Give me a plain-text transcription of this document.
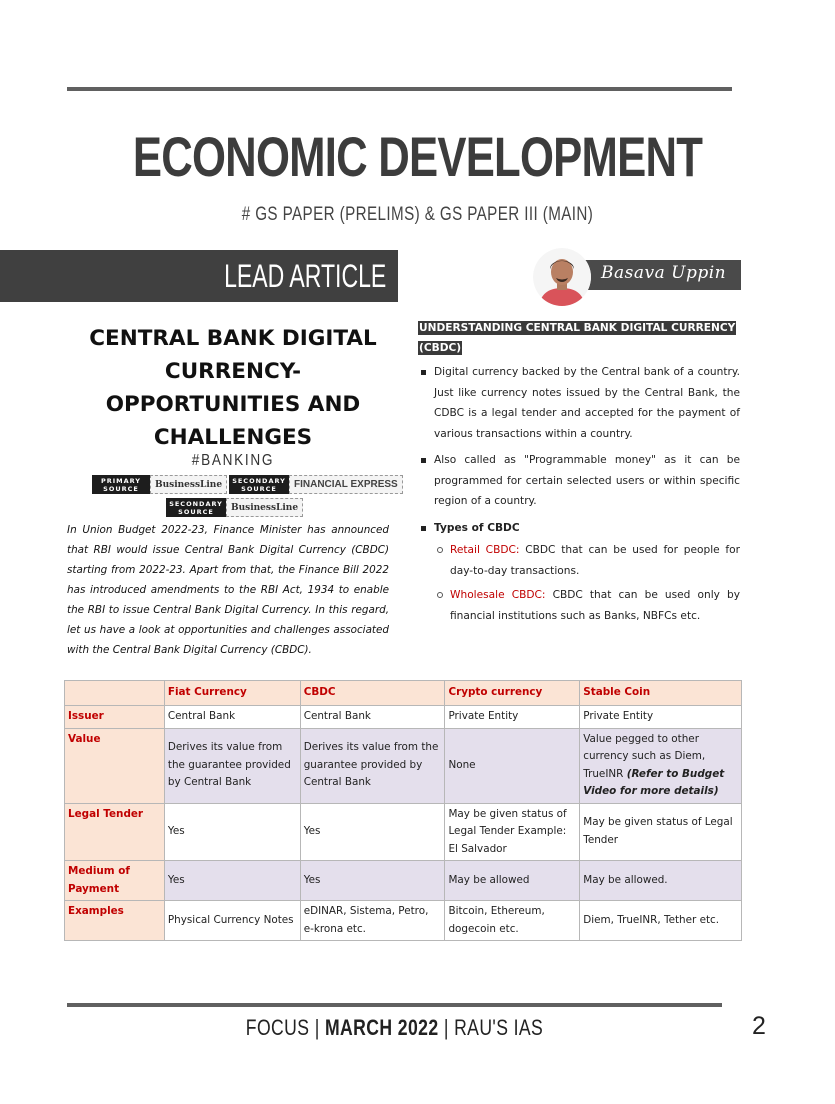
ECONOMIC DEVELOPMENT
# GS PAPER (PRELIMS) & GS PAPER III (MAIN)
LEAD ARTICLE	Basava Uppin
CENTRAL BANK DIGITAL CURRENCY- OPPORTUNITIES AND CHALLENGES
#BANKING
PRIMARY SOURCE	BusinessLine	SECONDARY SOURCE	FINANCIAL EXPRESS
SECONDARY SOURCE	BusinessLine
In Union Budget 2022-23, Finance Minister has announced that RBI would issue Central Bank Digital Currency (CBDC) starting from 2022-23. Apart from that, the Finance Bill 2022 has introduced amendments to the RBI Act, 1934 to enable the RBI to issue Central Bank Digital Currency. In this regard, let us have a look at opportunities and challenges associated with the Central Bank Digital Currency (CBDC).
UNDERSTANDING CENTRAL BANK DIGITAL CURRENCY (CBDC)
Digital currency backed by the Central bank of a country. Just like currency notes issued by the Central Bank, the CDBC is a legal tender and accepted for the payment of various transactions within a country.
Also called as "Programmable money" as it can be programmed for certain selected users or within specific region of a country.
Types of CBDC
Retail CBDC: CBDC that can be used for people for day-to-day transactions.
Wholesale CBDC: CBDC that can be used only by financial institutions such as Banks, NBFCs etc.
	Fiat Currency	CBDC	Crypto currency	Stable Coin
Issuer	Central Bank	Central Bank	Private Entity	Private Entity
Value	Derives its value from the guarantee provided by Central Bank	Derives its value from the guarantee provided by Central Bank	None	Value pegged to other currency such as Diem, TrueINR (Refer to Budget Video for more details)
Legal Tender	Yes	Yes	May be given status of Legal Tender Example: El Salvador	May be given status of Legal Tender
Medium of Payment	Yes	Yes	May be allowed	May be allowed.
Examples	Physical Currency Notes	eDINAR, Sistema, Petro, e-krona etc.	Bitcoin, Ethereum, dogecoin etc.	Diem, TrueINR, Tether etc.
FOCUS | MARCH 2022 | RAU'S IAS	2
